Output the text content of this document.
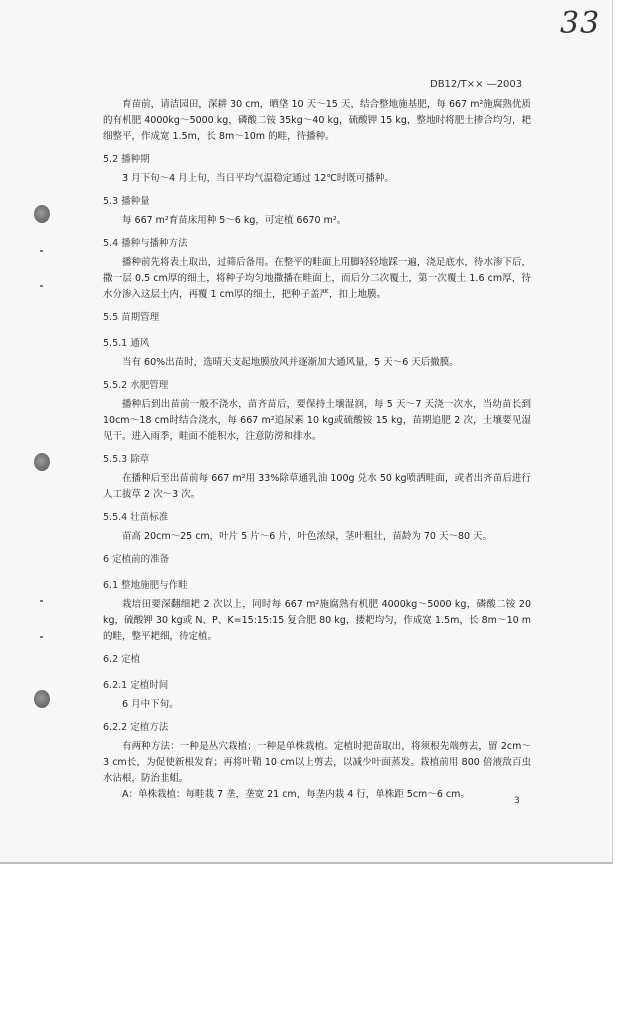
33
DB12/T×× —2003
育苗前，请洁园田，深耕 30 cm，晒垡 10 天～15 天，结合整地施基肥，每 667 m²施腐熟优质的有机肥 4000kg～5000 kg，磷酸二铵 35kg～40 kg，硫酸钾 15 kg，整地时将肥土掺合均匀，耙细整平，作成宽 1.5m，长 8m～10m 的畦，待播种。
5.2 播种期
3 月下旬～4 月上旬，当日平均气温稳定通过 12℃时既可播种。
5.3 播种量
每 667 m²育苗床用种 5～6 kg，可定植 6670 m²。
5.4 播种与播种方法
播种前先将表土取出，过筛后备用。在整平的畦面上用脚轻轻地踩一遍，浇足底水，待水渗下后，撒一层 0.5 cm厚的细土，将种子均匀地撒播在畦面上，而后分二次覆土，第一次覆土 1.6 cm厚，待水分渗入这层土内，再覆 1 cm厚的细土，把种子盖严，扣上地膜。
5.5 苗期管理
5.5.1 通风
当有 60%出苗时，选晴天支起地膜放风并逐渐加大通风量，5 天～6 天后撤膜。
5.5.2 水肥管理
播种后到出苗前一般不浇水，苗齐苗后，要保持土壤湿润，每 5 天～7 天浇一次水，当幼苗长到 10cm～18 cm时结合浇水，每 667 m²追尿素 10 kg或硫酸铵 15 kg，苗期追肥 2 次，土壤要见湿见干。进入雨季，畦面不能积水，注意防涝和排水。
5.5.3 除草
在播种后至出苗前每 667 m²用 33%除草通乳油 100g 兑水 50 kg喷洒畦面，或者出齐苗后进行人工拔草 2 次～3 次。
5.5.4 壮苗标准
苗高 20cm～25 cm，叶片 5 片～6 片，叶色浓绿，茎叶粗壮，苗龄为 70 天～80 天。
6 定植前的准备
6.1 整地施肥与作畦
栽培田要深翻细耙 2 次以上，同时每 667 m²施腐熟有机肥 4000kg～5000 kg，磷酸二铵 20 kg，硫酸钾 30 kg或 N、P、K=15:15:15 复合肥 80 kg，搂耙均匀，作成宽 1.5m，长 8m～10 m的畦，整平耙细，待定植。
6.2 定植
6.2.1 定植时间
6 月中下旬。
6.2.2 定植方法
有两种方法：一种是丛穴栽植；一种是单株栽植。定植时把苗取出，将须根先端剪去，留 2cm～3 cm长，为促使新根发育；再将叶鞘 10 cm以上剪去，以减少叶面蒸发。栽植前用 800 倍液敌百虫水沾根，防治韭蛆。
A：单株栽植：每畦栽 7 垄，垄宽 21 cm，每垄内栽 4 行，单株距 5cm～6 cm。
3
